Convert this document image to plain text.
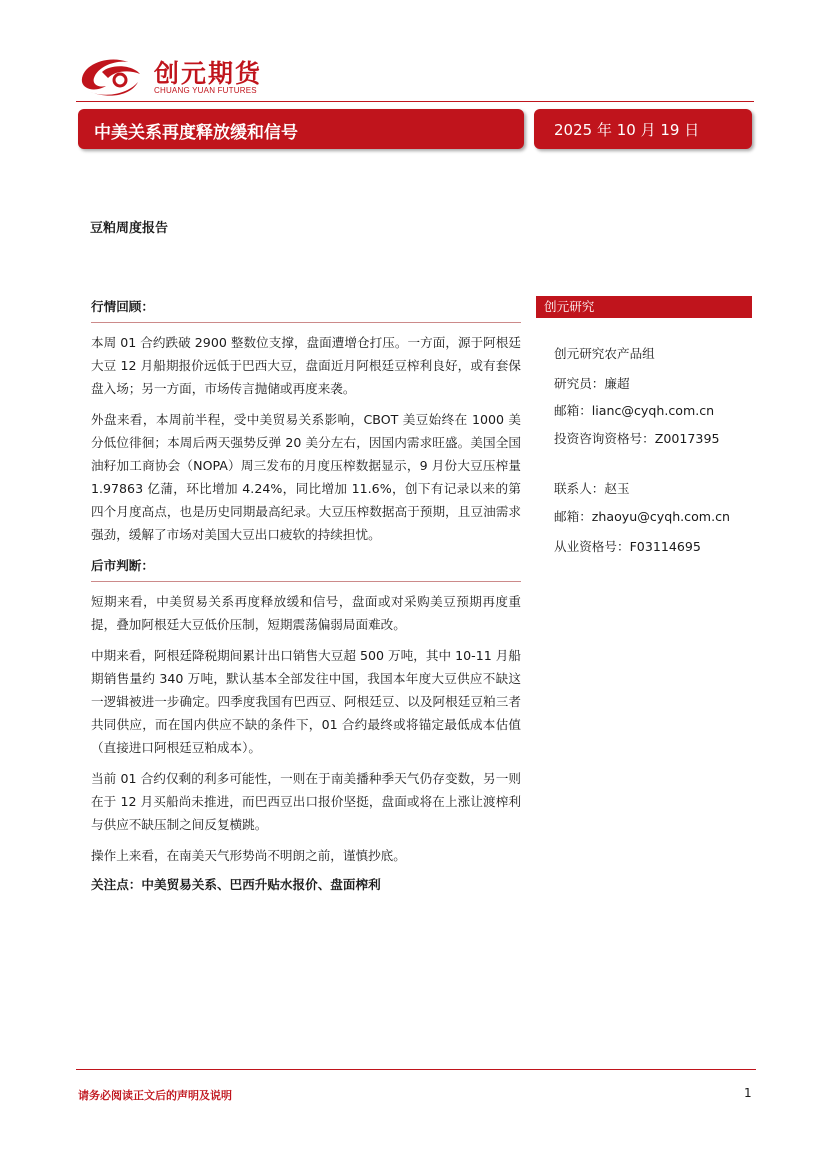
创元期货
CHUANG YUAN FUTURES
中美关系再度释放缓和信号	2025 年 10 月 19 日
豆粕周度报告

行情回顾：

本周 01 合约跌破 2900 整数位支撑，盘面遭增仓打压。一方面，源于阿根廷大豆 12 月船期报价远低于巴西大豆，盘面近月阿根廷豆榨利良好，或有套保盘入场；另一方面，市场传言抛储或再度来袭。

外盘来看，本周前半程，受中美贸易关系影响，CBOT 美豆始终在 1000 美分低位徘徊；本周后两天强势反弹 20 美分左右，因国内需求旺盛。美国全国油籽加工商协会（NOPA）周三发布的月度压榨数据显示，9 月份大豆压榨量 1.97863 亿蒲，环比增加 4.24%，同比增加 11.6%，创下有记录以来的第四个月度高点，也是历史同期最高纪录。大豆压榨数据高于预期，且豆油需求强劲，缓解了市场对美国大豆出口疲软的持续担忧。

后市判断：

短期来看，中美贸易关系再度释放缓和信号，盘面或对采购美豆预期再度重提，叠加阿根廷大豆低价压制，短期震荡偏弱局面难改。

中期来看，阿根廷降税期间累计出口销售大豆超 500 万吨，其中 10-11 月船期销售量约 340 万吨，默认基本全部发往中国，我国本年度大豆供应不缺这一逻辑被进一步确定。四季度我国有巴西豆、阿根廷豆、以及阿根廷豆粕三者共同供应，而在国内供应不缺的条件下，01 合约最终或将锚定最低成本估值（直接进口阿根廷豆粕成本）。

当前 01 合约仅剩的利多可能性，一则在于南美播种季天气仍存变数，另一则在于 12 月买船尚未推进，而巴西豆出口报价坚挺，盘面或将在上涨让渡榨利与供应不缺压制之间反复横跳。

操作上来看，在南美天气形势尚不明朗之前，谨慎抄底。

关注点：中美贸易关系、巴西升贴水报价、盘面榨利

创元研究
创元研究农产品组
研究员：廉超
邮箱：lianc@cyqh.com.cn
投资咨询资格号：Z0017395
联系人：赵玉
邮箱：zhaoyu@cyqh.com.cn
从业资格号：F03114695
请务必阅读正文后的声明及说明	1
